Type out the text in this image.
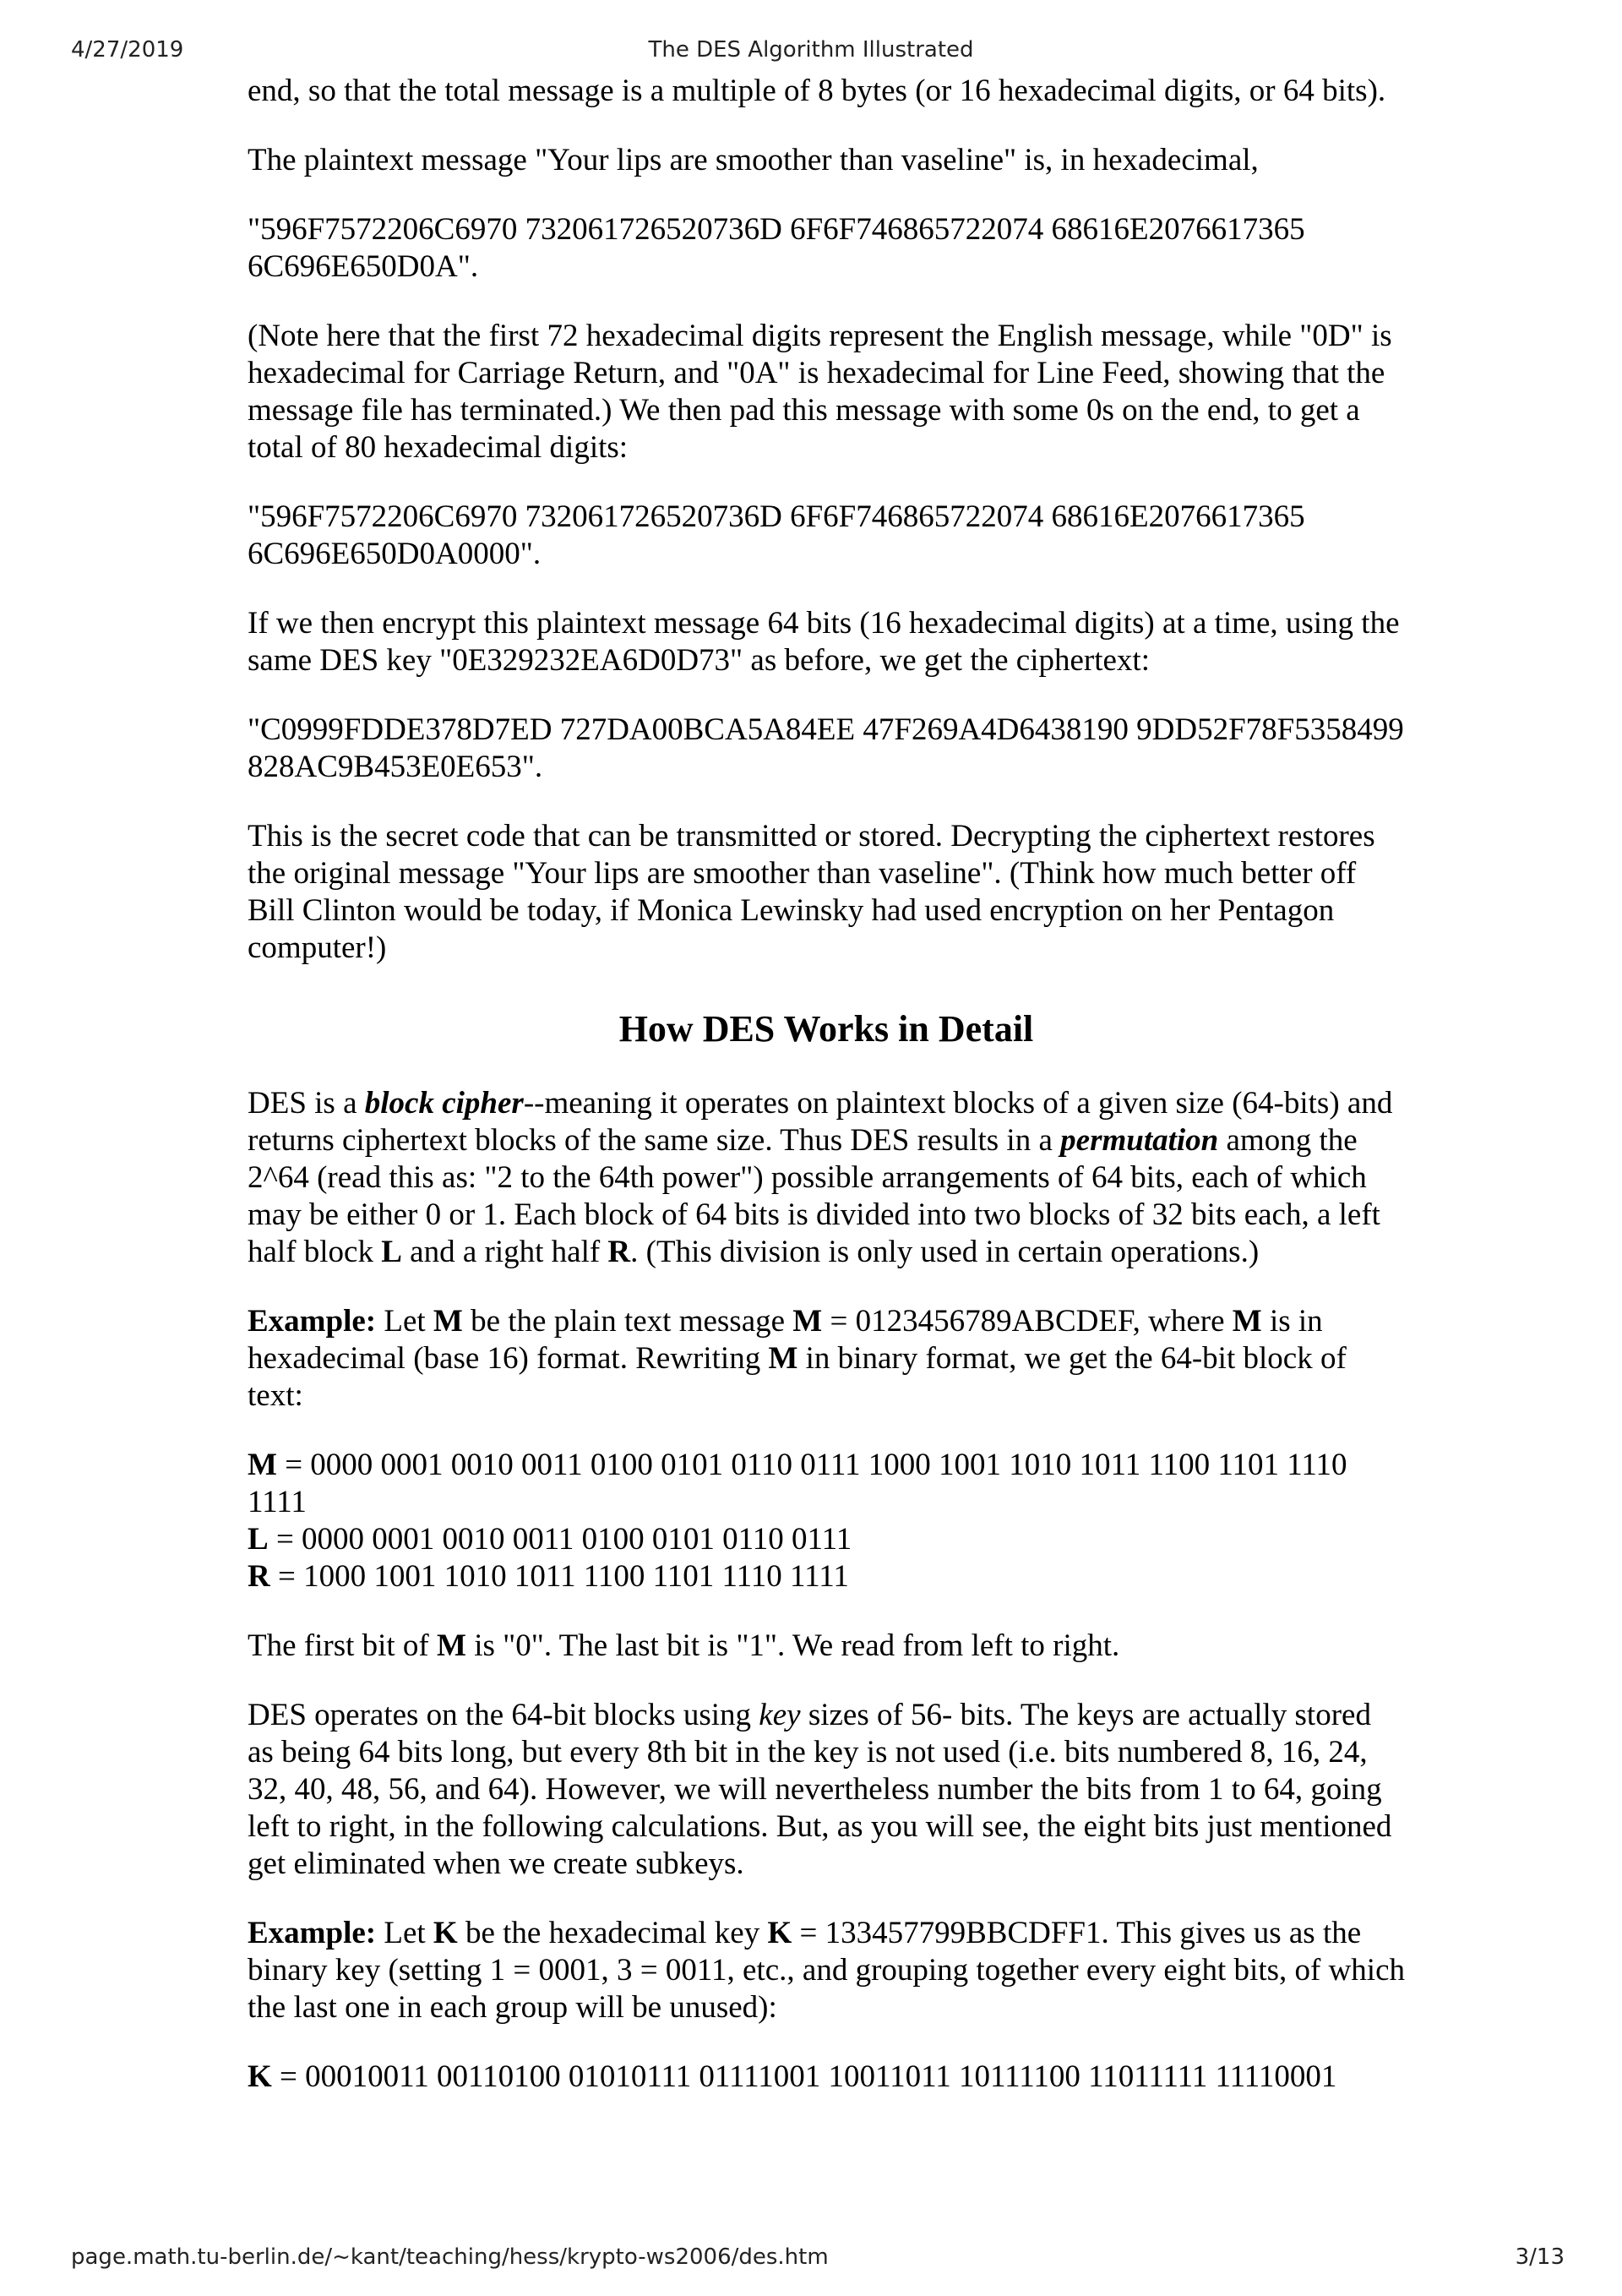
4/27/2019	The DES Algorithm Illustrated

end, so that the total message is a multiple of 8 bytes (or 16 hexadecimal digits, or 64 bits).

The plaintext message "Your lips are smoother than vaseline" is, in hexadecimal,

"596F7572206C6970 732061726520736D 6F6F746865722074 68616E2076617365 6C696E650D0A".

(Note here that the first 72 hexadecimal digits represent the English message, while "0D" is hexadecimal for Carriage Return, and "0A" is hexadecimal for Line Feed, showing that the message file has terminated.) We then pad this message with some 0s on the end, to get a total of 80 hexadecimal digits:

"596F7572206C6970 732061726520736D 6F6F746865722074 68616E2076617365 6C696E650D0A0000".

If we then encrypt this plaintext message 64 bits (16 hexadecimal digits) at a time, using the same DES key "0E329232EA6D0D73" as before, we get the ciphertext:

"C0999FDDE378D7ED 727DA00BCA5A84EE 47F269A4D6438190 9DD52F78F5358499 828AC9B453E0E653".

This is the secret code that can be transmitted or stored. Decrypting the ciphertext restores the original message "Your lips are smoother than vaseline". (Think how much better off Bill Clinton would be today, if Monica Lewinsky had used encryption on her Pentagon computer!)

How DES Works in Detail

DES is a block cipher--meaning it operates on plaintext blocks of a given size (64-bits) and returns ciphertext blocks of the same size. Thus DES results in a permutation among the 2^64 (read this as: "2 to the 64th power") possible arrangements of 64 bits, each of which may be either 0 or 1. Each block of 64 bits is divided into two blocks of 32 bits each, a left half block L and a right half R. (This division is only used in certain operations.)

Example: Let M be the plain text message M = 0123456789ABCDEF, where M is in hexadecimal (base 16) format. Rewriting M in binary format, we get the 64-bit block of text:

M = 0000 0001 0010 0011 0100 0101 0110 0111 1000 1001 1010 1011 1100 1101 1110 1111
L = 0000 0001 0010 0011 0100 0101 0110 0111
R = 1000 1001 1010 1011 1100 1101 1110 1111

The first bit of M is "0". The last bit is "1". We read from left to right.

DES operates on the 64-bit blocks using key sizes of 56- bits. The keys are actually stored as being 64 bits long, but every 8th bit in the key is not used (i.e. bits numbered 8, 16, 24, 32, 40, 48, 56, and 64). However, we will nevertheless number the bits from 1 to 64, going left to right, in the following calculations. But, as you will see, the eight bits just mentioned get eliminated when we create subkeys.

Example: Let K be the hexadecimal key K = 133457799BBCDFF1. This gives us as the binary key (setting 1 = 0001, 3 = 0011, etc., and grouping together every eight bits, of which the last one in each group will be unused):

K = 00010011 00110100 01010111 01111001 10011011 10111100 11011111 11110001

page.math.tu-berlin.de/~kant/teaching/hess/krypto-ws2006/des.htm	3/13
